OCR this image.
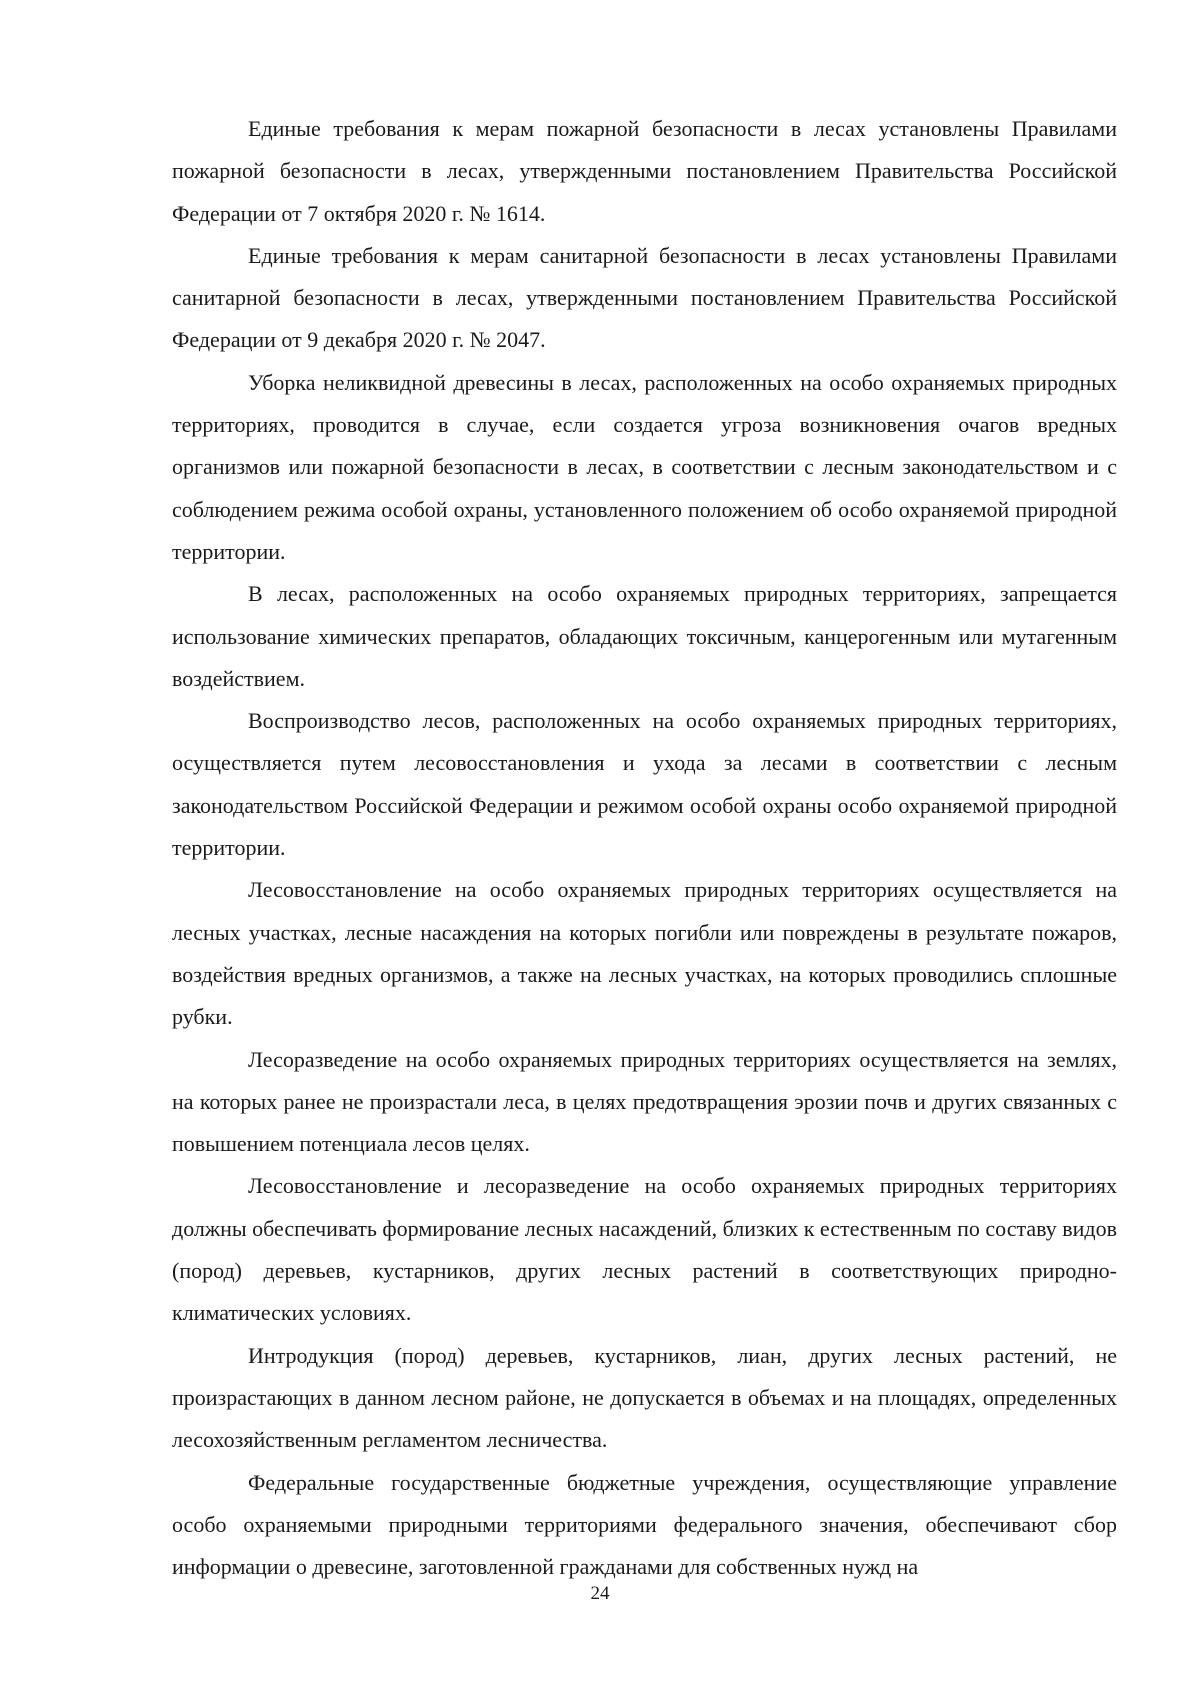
Единые требования к мерам пожарной безопасности в лесах установлены Правилами пожарной безопасности в лесах, утвержденными постановлением Правительства Российской Федерации от 7 октября 2020 г. № 1614.

Единые требования к мерам санитарной безопасности в лесах установлены Правилами санитарной безопасности в лесах, утвержденными постановлением Правительства Российской Федерации от 9 декабря 2020 г. № 2047.

Уборка неликвидной древесины в лесах, расположенных на особо охраняемых природных территориях, проводится в случае, если создается угроза возникновения очагов вредных организмов или пожарной безопасности в лесах, в соответствии с лесным законодательством и с соблюдением режима особой охраны, установленного положением об особо охраняемой природной территории.

В лесах, расположенных на особо охраняемых природных территориях, запрещается использование химических препаратов, обладающих токсичным, канцерогенным или мутагенным воздействием.

Воспроизводство лесов, расположенных на особо охраняемых природных территориях, осуществляется путем лесовосстановления и ухода за лесами в соответствии с лесным законодательством Российской Федерации и режимом особой охраны особо охраняемой природной территории.

Лесовосстановление на особо охраняемых природных территориях осуществляется на лесных участках, лесные насаждения на которых погибли или повреждены в результате пожаров, воздействия вредных организмов, а также на лесных участках, на которых проводились сплошные рубки.

Лесоразведение на особо охраняемых природных территориях осуществляется на землях, на которых ранее не произрастали леса, в целях предотвращения эрозии почв и других связанных с повышением потенциала лесов целях.

Лесовосстановление и лесоразведение на особо охраняемых природных территориях должны обеспечивать формирование лесных насаждений, близких к естественным по составу видов (пород) деревьев, кустарников, других лесных растений в соответствующих природно-климатических условиях.

Интродукция (пород) деревьев, кустарников, лиан, других лесных растений, не произрастающих в данном лесном районе, не допускается в объемах и на площадях, определенных лесохозяйственным регламентом лесничества.

Федеральные государственные бюджетные учреждения, осуществляющие управление особо охраняемыми природными территориями федерального значения, обеспечивают сбор информации о древесине, заготовленной гражданами для собственных нужд на

24
